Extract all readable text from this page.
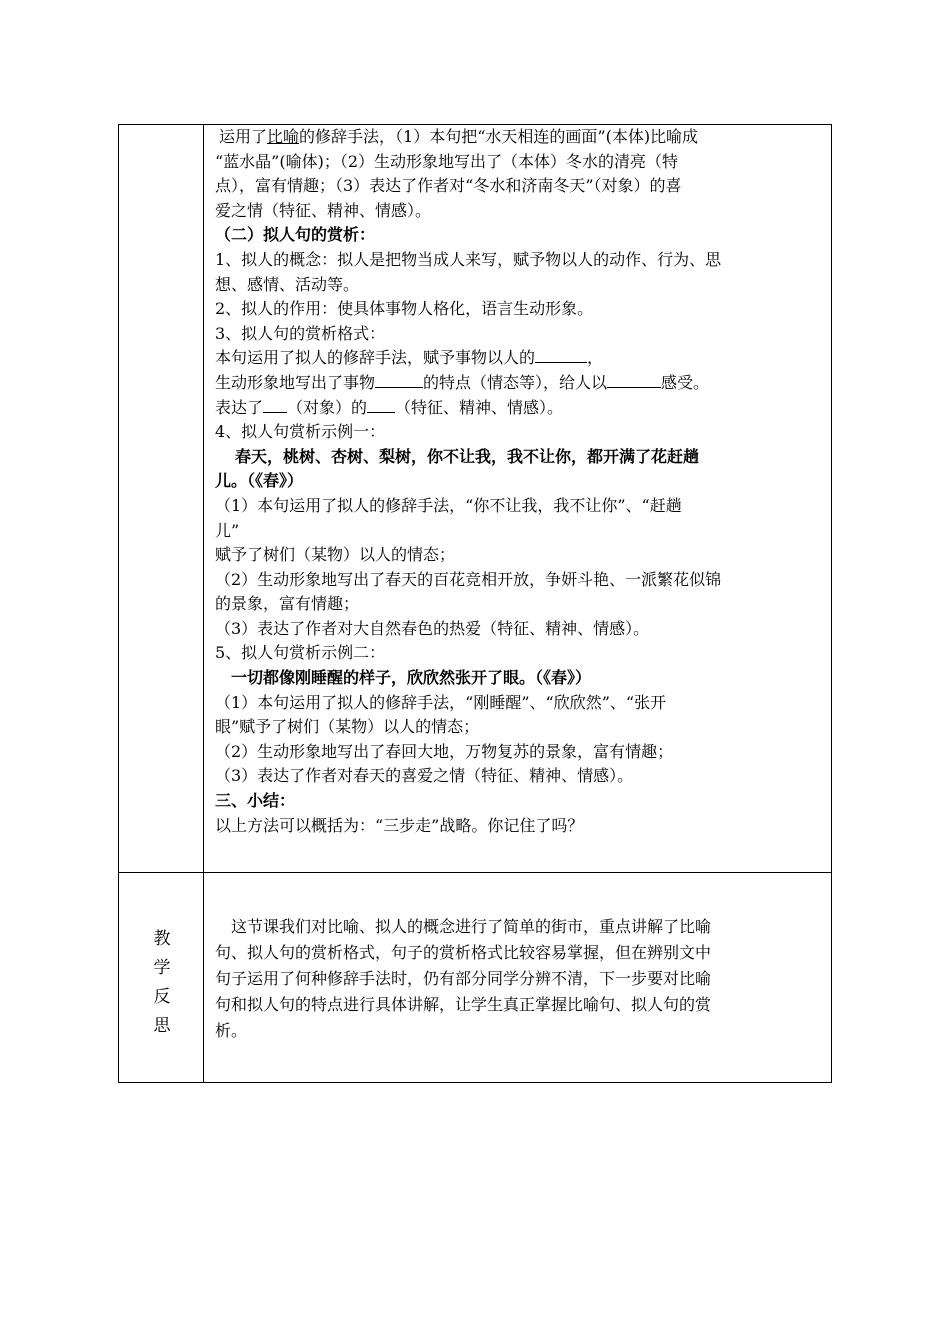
运用了比喻的修辞手法，（1）本句把“水天相连的画面”(本体)比喻成

“蓝水晶”(喻体)；（2）生动形象地写出了（本体）冬水的清亮（特

点），富有情趣；（3）表达了作者对“冬水和济南冬天”（对象）的喜

爱之情（特征、精神、情感）。

（二）拟人句的赏析：

1、拟人的概念：拟人是把物当成人来写，赋予物以人的动作、行为、思

想、感情、活动等。

2、拟人的作用：使具体事物人格化，语言生动形象。

3、拟人句的赏析格式：

本句运用了拟人的修辞手法，赋予事物以人的	，

生动形象地写出了事物	的特点（情态等），给人以	感受。

表达了 （对象）的 （特征、精神、情感）。

4、拟人句赏析示例一：

春天，桃树、杏树、梨树，你不让我，我不让你，都开满了花赶趟

儿。（《春》）

（1）本句运用了拟人的修辞手法，“你不让我，我不让你”、“赶趟

儿”

赋予了树们（某物）以人的情态；

（2）生动形象地写出了春天的百花竞相开放，争妍斗艳、一派繁花似锦

的景象，富有情趣；

（3）表达了作者对大自然春色的热爱（特征、精神、情感）。

5、拟人句赏析示例二：

一切都像刚睡醒的样子，欣欣然张开了眼。（《春》）

（1）本句运用了拟人的修辞手法，“刚睡醒”、“欣欣然”、“张开

眼”赋予了树们（某物）以人的情态；

（2）生动形象地写出了春回大地，万物复苏的景象，富有情趣；

（3）表达了作者对春天的喜爱之情（特征、精神、情感）。

三、小结：

以上方法可以概括为：“三步走”战略。你记住了吗？

教
学
反
思

这节课我们对比喻、拟人的概念进行了简单的街市，重点讲解了比喻

句、拟人句的赏析格式，句子的赏析格式比较容易掌握，但在辨别文中

句子运用了何种修辞手法时，仍有部分同学分辨不清，下一步要对比喻

句和拟人句的特点进行具体讲解，让学生真正掌握比喻句、拟人句的赏

析。
